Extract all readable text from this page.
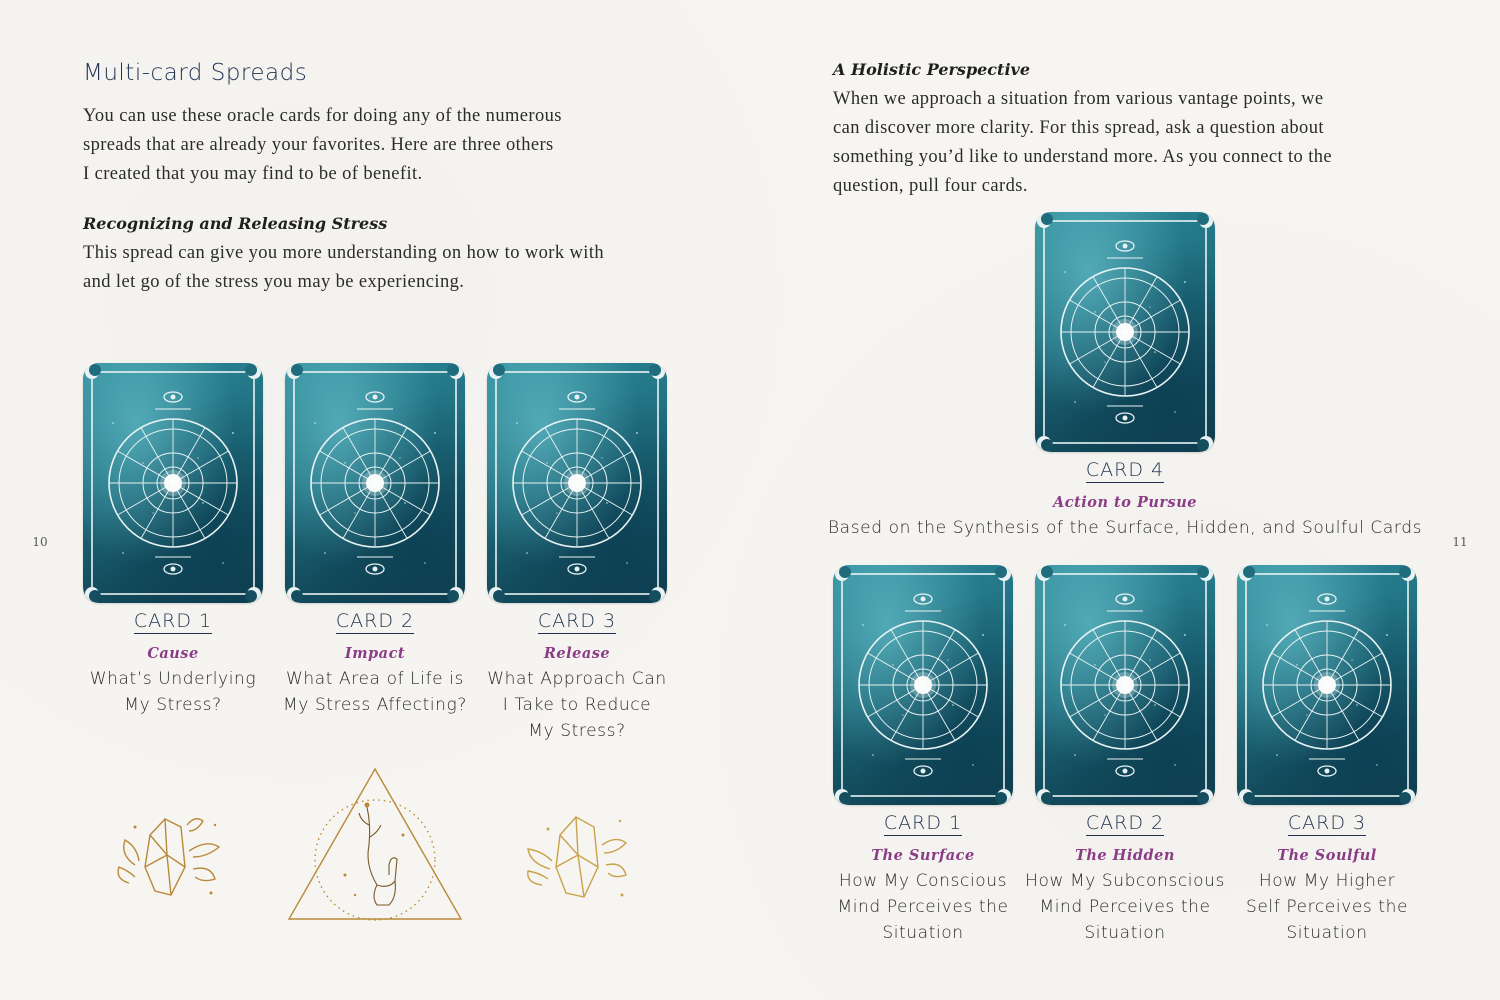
Multi-card Spreads
You can use these oracle cards for doing any of the numerous
spreads that are already your favorites. Here are three others
I created that you may find to be of benefit.
Recognizing and Releasing Stress
This spread can give you more understanding on how to work with
and let go of the stress you may be experiencing.
CARD 1
Cause
What’s Underlying
My Stress?
CARD 2
Impact
What Area of Life is
My Stress Affecting?
CARD 3
Release
What Approach Can
I Take to Reduce
My Stress?
10
A Holistic Perspective
When we approach a situation from various vantage points, we
can discover more clarity. For this spread, ask a question about
something you’d like to understand more. As you connect to the
question, pull four cards.
CARD 4
Action to Pursue
Based on the Synthesis of the Surface, Hidden, and Soulful Cards
CARD 1
The Surface
How My Conscious
Mind Perceives the
Situation
CARD 2
The Hidden
How My Subconscious
Mind Perceives the
Situation
CARD 3
The Soulful
How My Higher
Self Perceives the
Situation
11
